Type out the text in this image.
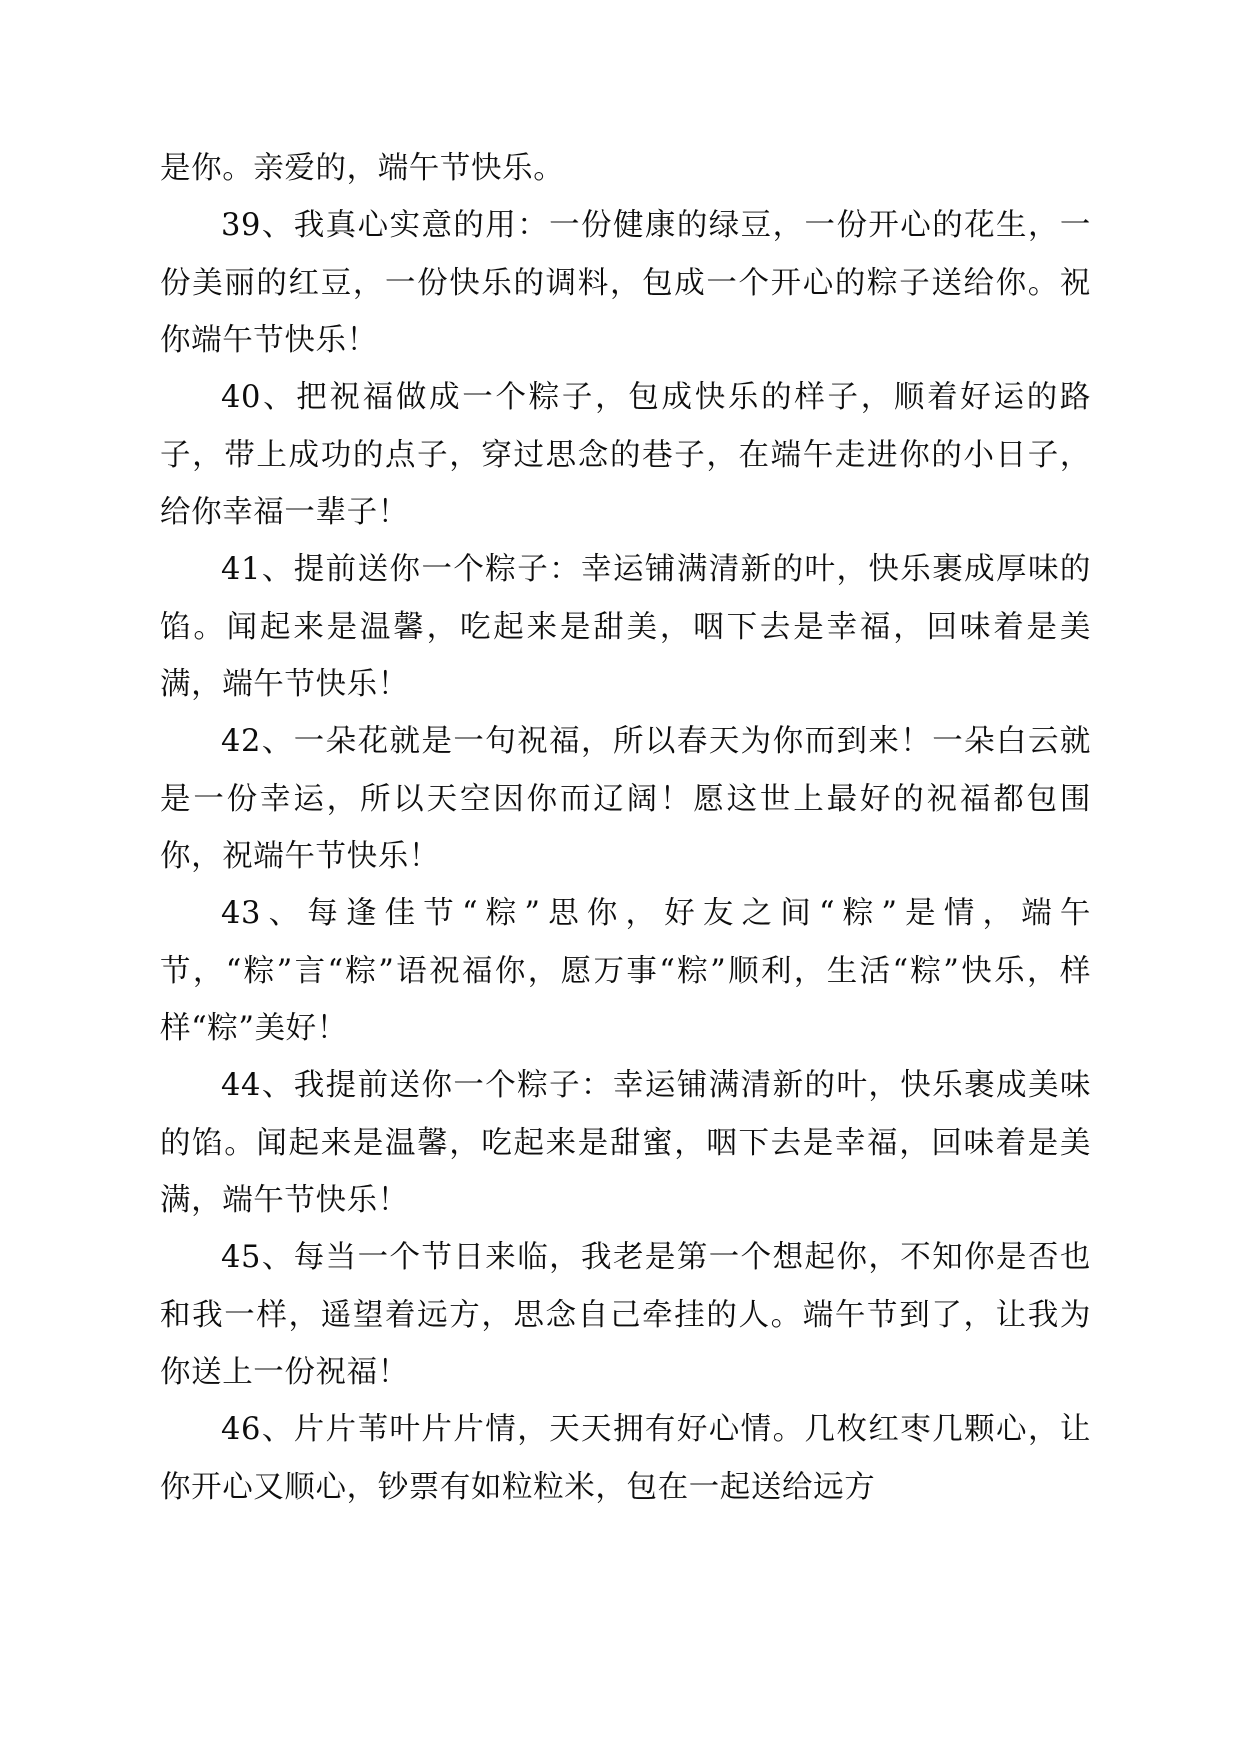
是你。亲爱的，端午节快乐。

39、我真心实意的用：一份健康的绿豆，一份开心的花生，一份美丽的红豆，一份快乐的调料，包成一个开心的粽子送给你。祝你端午节快乐！

40、把祝福做成一个粽子，包成快乐的样子，顺着好运的路子，带上成功的点子，穿过思念的巷子，在端午走进你的小日子，给你幸福一辈子！

41、提前送你一个粽子：幸运铺满清新的叶，快乐裹成厚味的馅。闻起来是温馨，吃起来是甜美，咽下去是幸福，回味着是美满，端午节快乐！

42、一朵花就是一句祝福，所以春天为你而到来！一朵白云就是一份幸运，所以天空因你而辽阔！愿这世上最好的祝福都包围你，祝端午节快乐！

43、每逢佳节“粽”思你，好友之间“粽”是情，端午节，“粽”言“粽”语祝福你，愿万事“粽”顺利，生活“粽”快乐，样样“粽”美好！

44、我提前送你一个粽子：幸运铺满清新的叶，快乐裹成美味的馅。闻起来是温馨，吃起来是甜蜜，咽下去是幸福，回味着是美满，端午节快乐！

45、每当一个节日来临，我老是第一个想起你，不知你是否也和我一样，遥望着远方，思念自己牵挂的人。端午节到了，让我为你送上一份祝福！

46、片片苇叶片片情，天天拥有好心情。几枚红枣几颗心，让你开心又顺心，钞票有如粒粒米，包在一起送给远方
